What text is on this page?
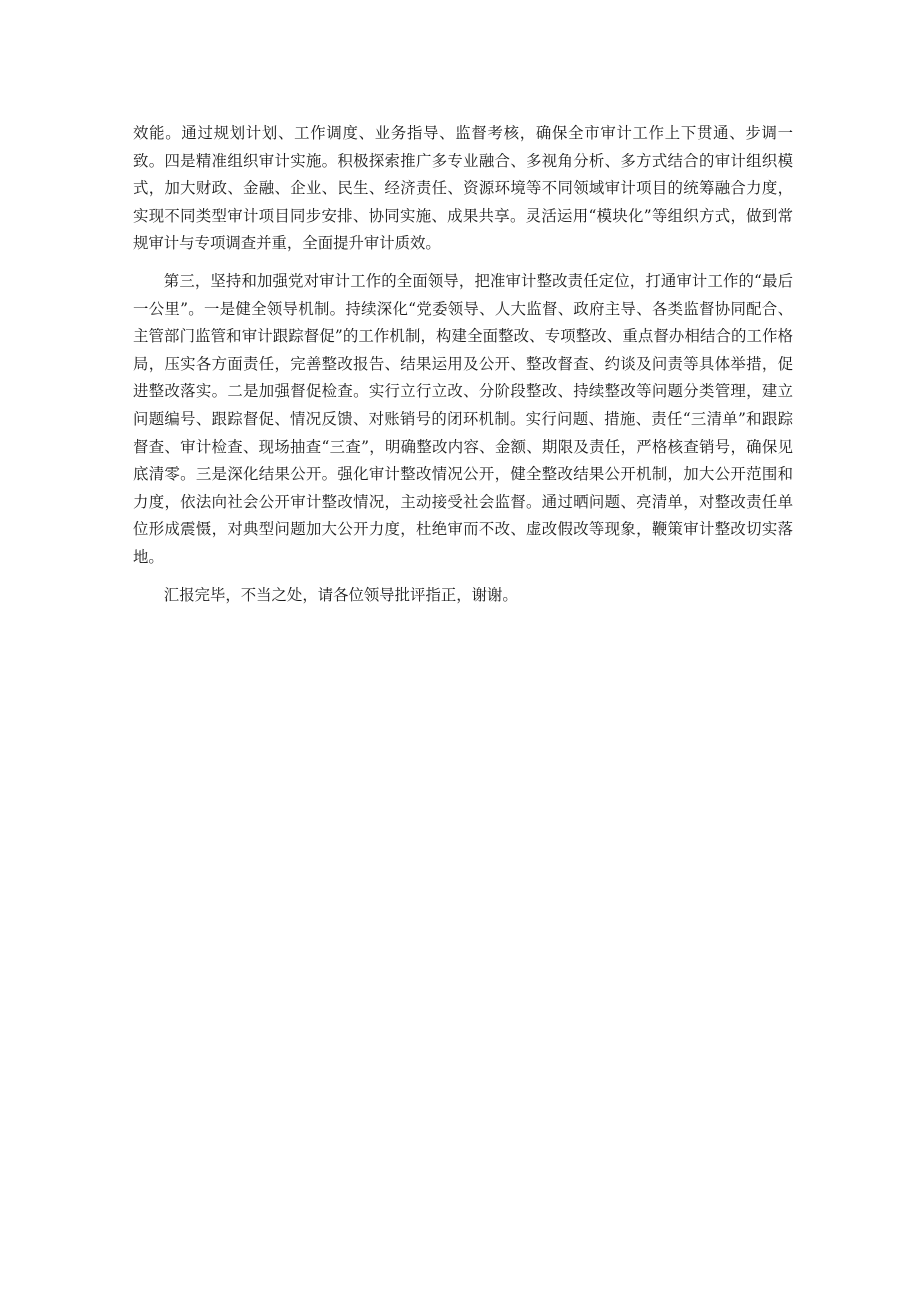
效能。通过规划计划、工作调度、业务指导、监督考核，确保全市审计工作上下贯通、步调一致。四是精准组织审计实施。积极探索推广多专业融合、多视角分析、多方式结合的审计组织模式，加大财政、金融、企业、民生、经济责任、资源环境等不同领域审计项目的统筹融合力度，实现不同类型审计项目同步安排、协同实施、成果共享。灵活运用“模块化”等组织方式，做到常规审计与专项调查并重，全面提升审计质效。

第三，坚持和加强党对审计工作的全面领导，把准审计整改责任定位，打通审计工作的“最后一公里”。一是健全领导机制。持续深化“党委领导、人大监督、政府主导、各类监督协同配合、主管部门监管和审计跟踪督促”的工作机制，构建全面整改、专项整改、重点督办相结合的工作格局，压实各方面责任，完善整改报告、结果运用及公开、整改督查、约谈及问责等具体举措，促进整改落实。二是加强督促检查。实行立行立改、分阶段整改、持续整改等问题分类管理，建立问题编号、跟踪督促、情况反馈、对账销号的闭环机制。实行问题、措施、责任“三清单”和跟踪督查、审计检查、现场抽查“三查”，明确整改内容、金额、期限及责任，严格核查销号，确保见底清零。三是深化结果公开。强化审计整改情况公开，健全整改结果公开机制，加大公开范围和力度，依法向社会公开审计整改情况，主动接受社会监督。通过晒问题、亮清单，对整改责任单位形成震慑，对典型问题加大公开力度，杜绝审而不改、虚改假改等现象，鞭策审计整改切实落地。

汇报完毕，不当之处，请各位领导批评指正，谢谢。
